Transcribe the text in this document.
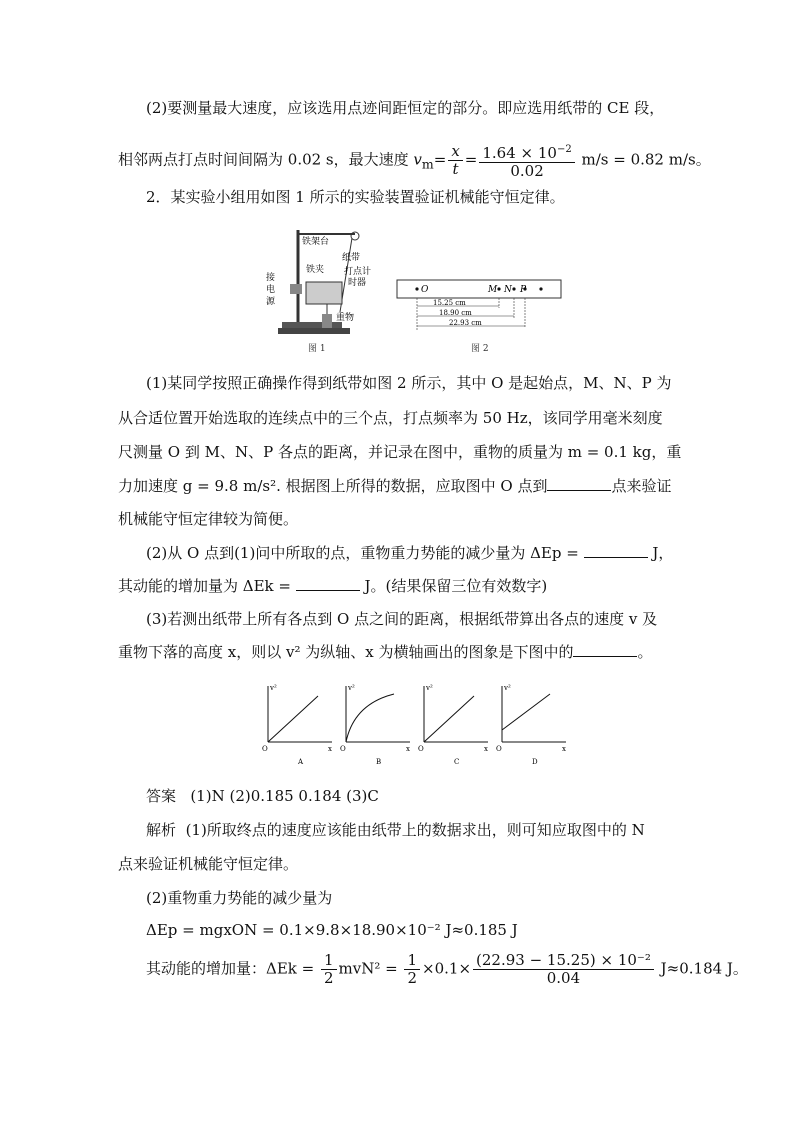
(2)要测量最大速度，应该选用点迹间距恒定的部分。即应选用纸带的 CE 段，
相邻两点打点时间间隔为 0.02 s，最大速度 $v_m= \frac{x}{t} = \frac{1.64 \times 10^{-2}}{0.02} m/s = 0.82$ m/s。
2．某实验小组用如图 1 所示的实验装置验证机械能守恒定律。
铁架台
纸带
铁夹 打点计
时器
接
电
源
重物
图 1
O	M N P
15.25 cm
18.90 cm
22.93 cm
图 2
(1)某同学按照正确操作得到纸带如图 2 所示，其中 O 是起始点，M、N、P 为
从合适位置开始选取的连续点中的三个点，打点频率为 50 Hz，该同学用毫米刻度
尺测量 O 到 M、N、P 各点的距离，并记录在图中，重物的质量为 m = 0.1 kg，重
力加速度 g = 9.8 m/s². 根据图上所得的数据，应取图中 O 点到	点来验证
机械能守恒定律较为简便。
(2)从 O 点到(1)问中所取的点，重物重力势能的减少量为 ΔEp =	J，
其动能的增加量为 ΔEk =	J。(结果保留三位有效数字)
(3)若测出纸带上所有各点到 O 点之间的距离，根据纸带算出各点的速度 v 及
重物下落的高度 x，则以 v² 为纵轴、x 为横轴画出的图象是下图中的	。
v²
x
O
A
v²
x
O
B
v²
x
O
C
v²
x
O
D
答案 (1)N (2)0.185 0.184 (3)C
解析 (1)所取终点的速度应该能由纸带上的数据求出，则可知应取图中的 N
点来验证机械能守恒定律。
(2)重物重力势能的减少量为
ΔEp = mgxON = 0.1×9.8×18.90×10⁻² J≈0.185 J
其动能的增加量：$\Delta Ek = \frac{1}{2} mvN^2 = \frac{1}{2} \times 0.1\times \frac{\text{(22.93 − 15.25) × 10⁻²}}{0.04} J\approx 0.184$ J。
